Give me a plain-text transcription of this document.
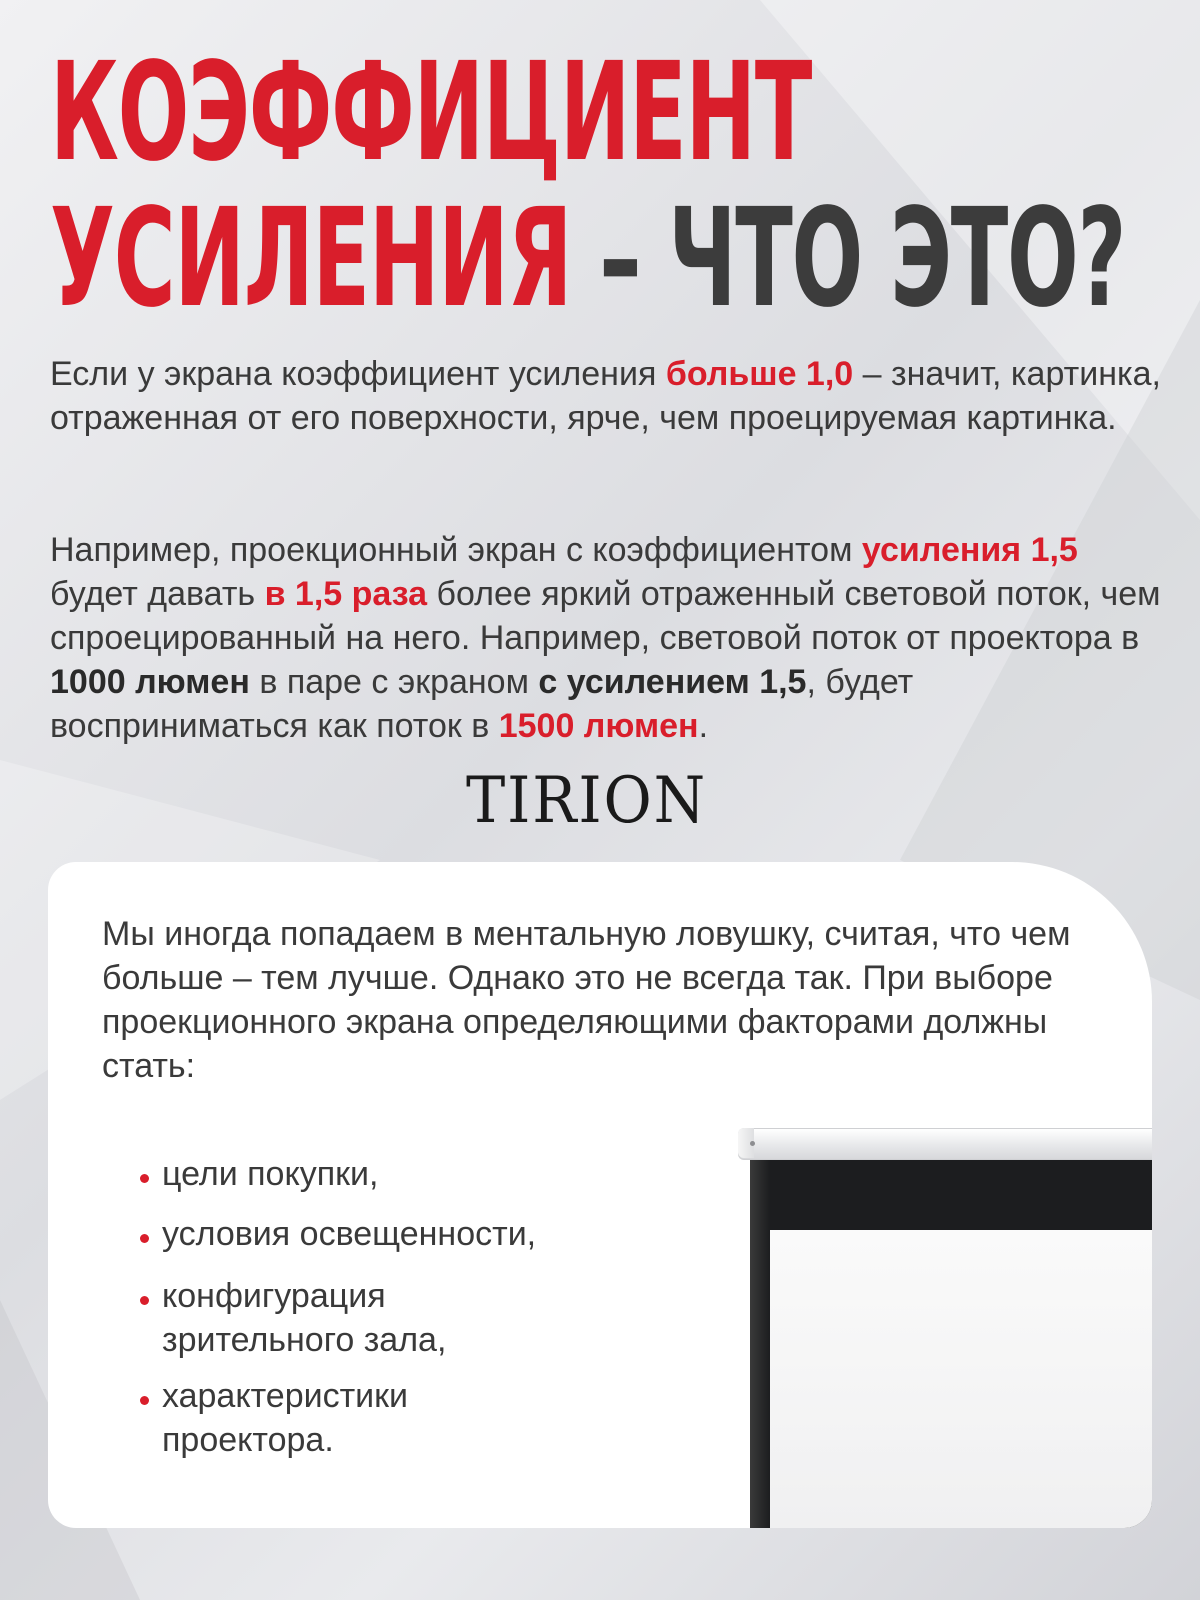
КОЭФФИЦИЕНТ
УСИЛЕНИЯ – ЧТО ЭТО?

Если у экрана коэффициент усиления больше 1,0 – значит, картинка, отраженная от его поверхности, ярче, чем проецируемая картинка.

Например, проекционный экран с коэффициентом усиления 1,5 будет давать в 1,5 раза более яркий отраженный световой поток, чем спроецированный на него. Например, световой поток от проектора в 1000 люмен в паре с экраном с усилением 1,5, будет восприниматься как поток в 1500 люмен.

TIRION

Мы иногда попадаем в ментальную ловушку, считая, что чем больше – тем лучше. Однако это не всегда так. При выборе проекционного экрана определяющими факторами должны стать:

цели покупки,
условия освещенности,
конфигурация зрительного зала,
характеристики проектора.
